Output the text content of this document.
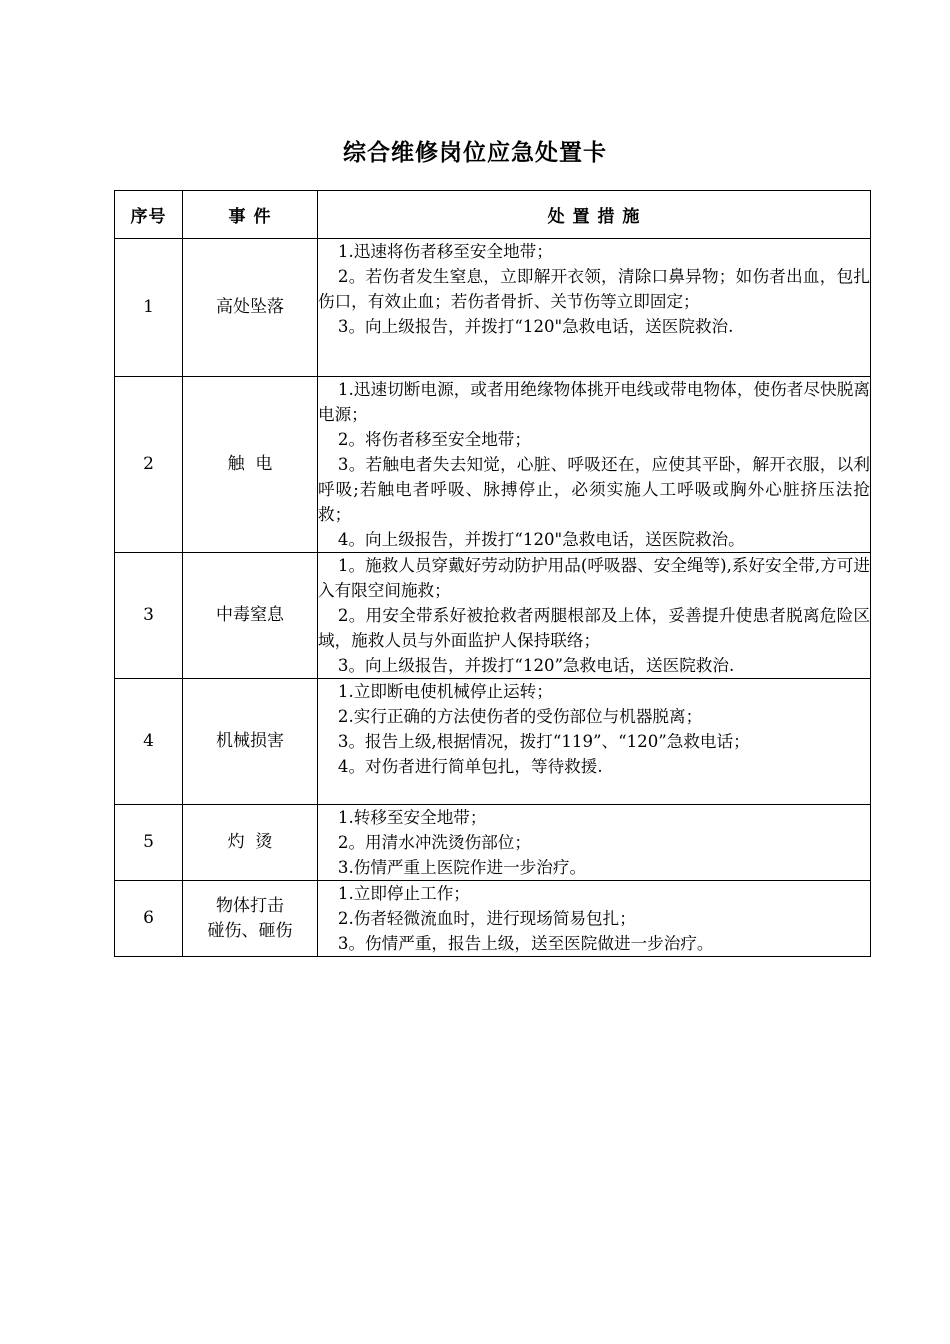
综合维修岗位应急处置卡
序号	事 件	处 置 措 施
1	高处坠落	1.迅速将伤者移至安全地带；
2。若伤者发生窒息，立即解开衣领，清除口鼻异物；如伤者出血，包扎伤口，有效止血；若伤者骨折、关节伤等立即固定；
3。向上级报告，并拨打“120"急救电话，送医院救治.

2	触  电	1.迅速切断电源，或者用绝缘物体挑开电线或带电物体，使伤者尽快脱离电源；
2。将伤者移至安全地带；
3。若触电者失去知觉，心脏、呼吸还在，应使其平卧，解开衣服，以利呼吸;若触电者呼吸、脉搏停止，必须实施人工呼吸或胸外心脏挤压法抢救；
4。向上级报告，并拨打“120"急救电话，送医院救治。

3	中毒窒息	1。施救人员穿戴好劳动防护用品(呼吸器、安全绳等),系好安全带,方可进入有限空间施救；
2。用安全带系好被抢救者两腿根部及上体，妥善提升使患者脱离危险区域，施救人员与外面监护人保持联络；
3。向上级报告，并拨打“120”急救电话，送医院救治.

4	机械损害	1.立即断电使机械停止运转；
2.实行正确的方法使伤者的受伤部位与机器脱离；
3。报告上级,根据情况，拨打“119”、“120”急救电话；
4。对伤者进行简单包扎，等待救援.

5	灼  烫	1.转移至安全地带；
2。用清水冲洗烫伤部位；
3.伤情严重上医院作进一步治疗。

6	物体打击
碰伤、砸伤	1.立即停止工作；
2.伤者轻微流血时，进行现场简易包扎；
3。伤情严重，报告上级，送至医院做进一步治疗。
